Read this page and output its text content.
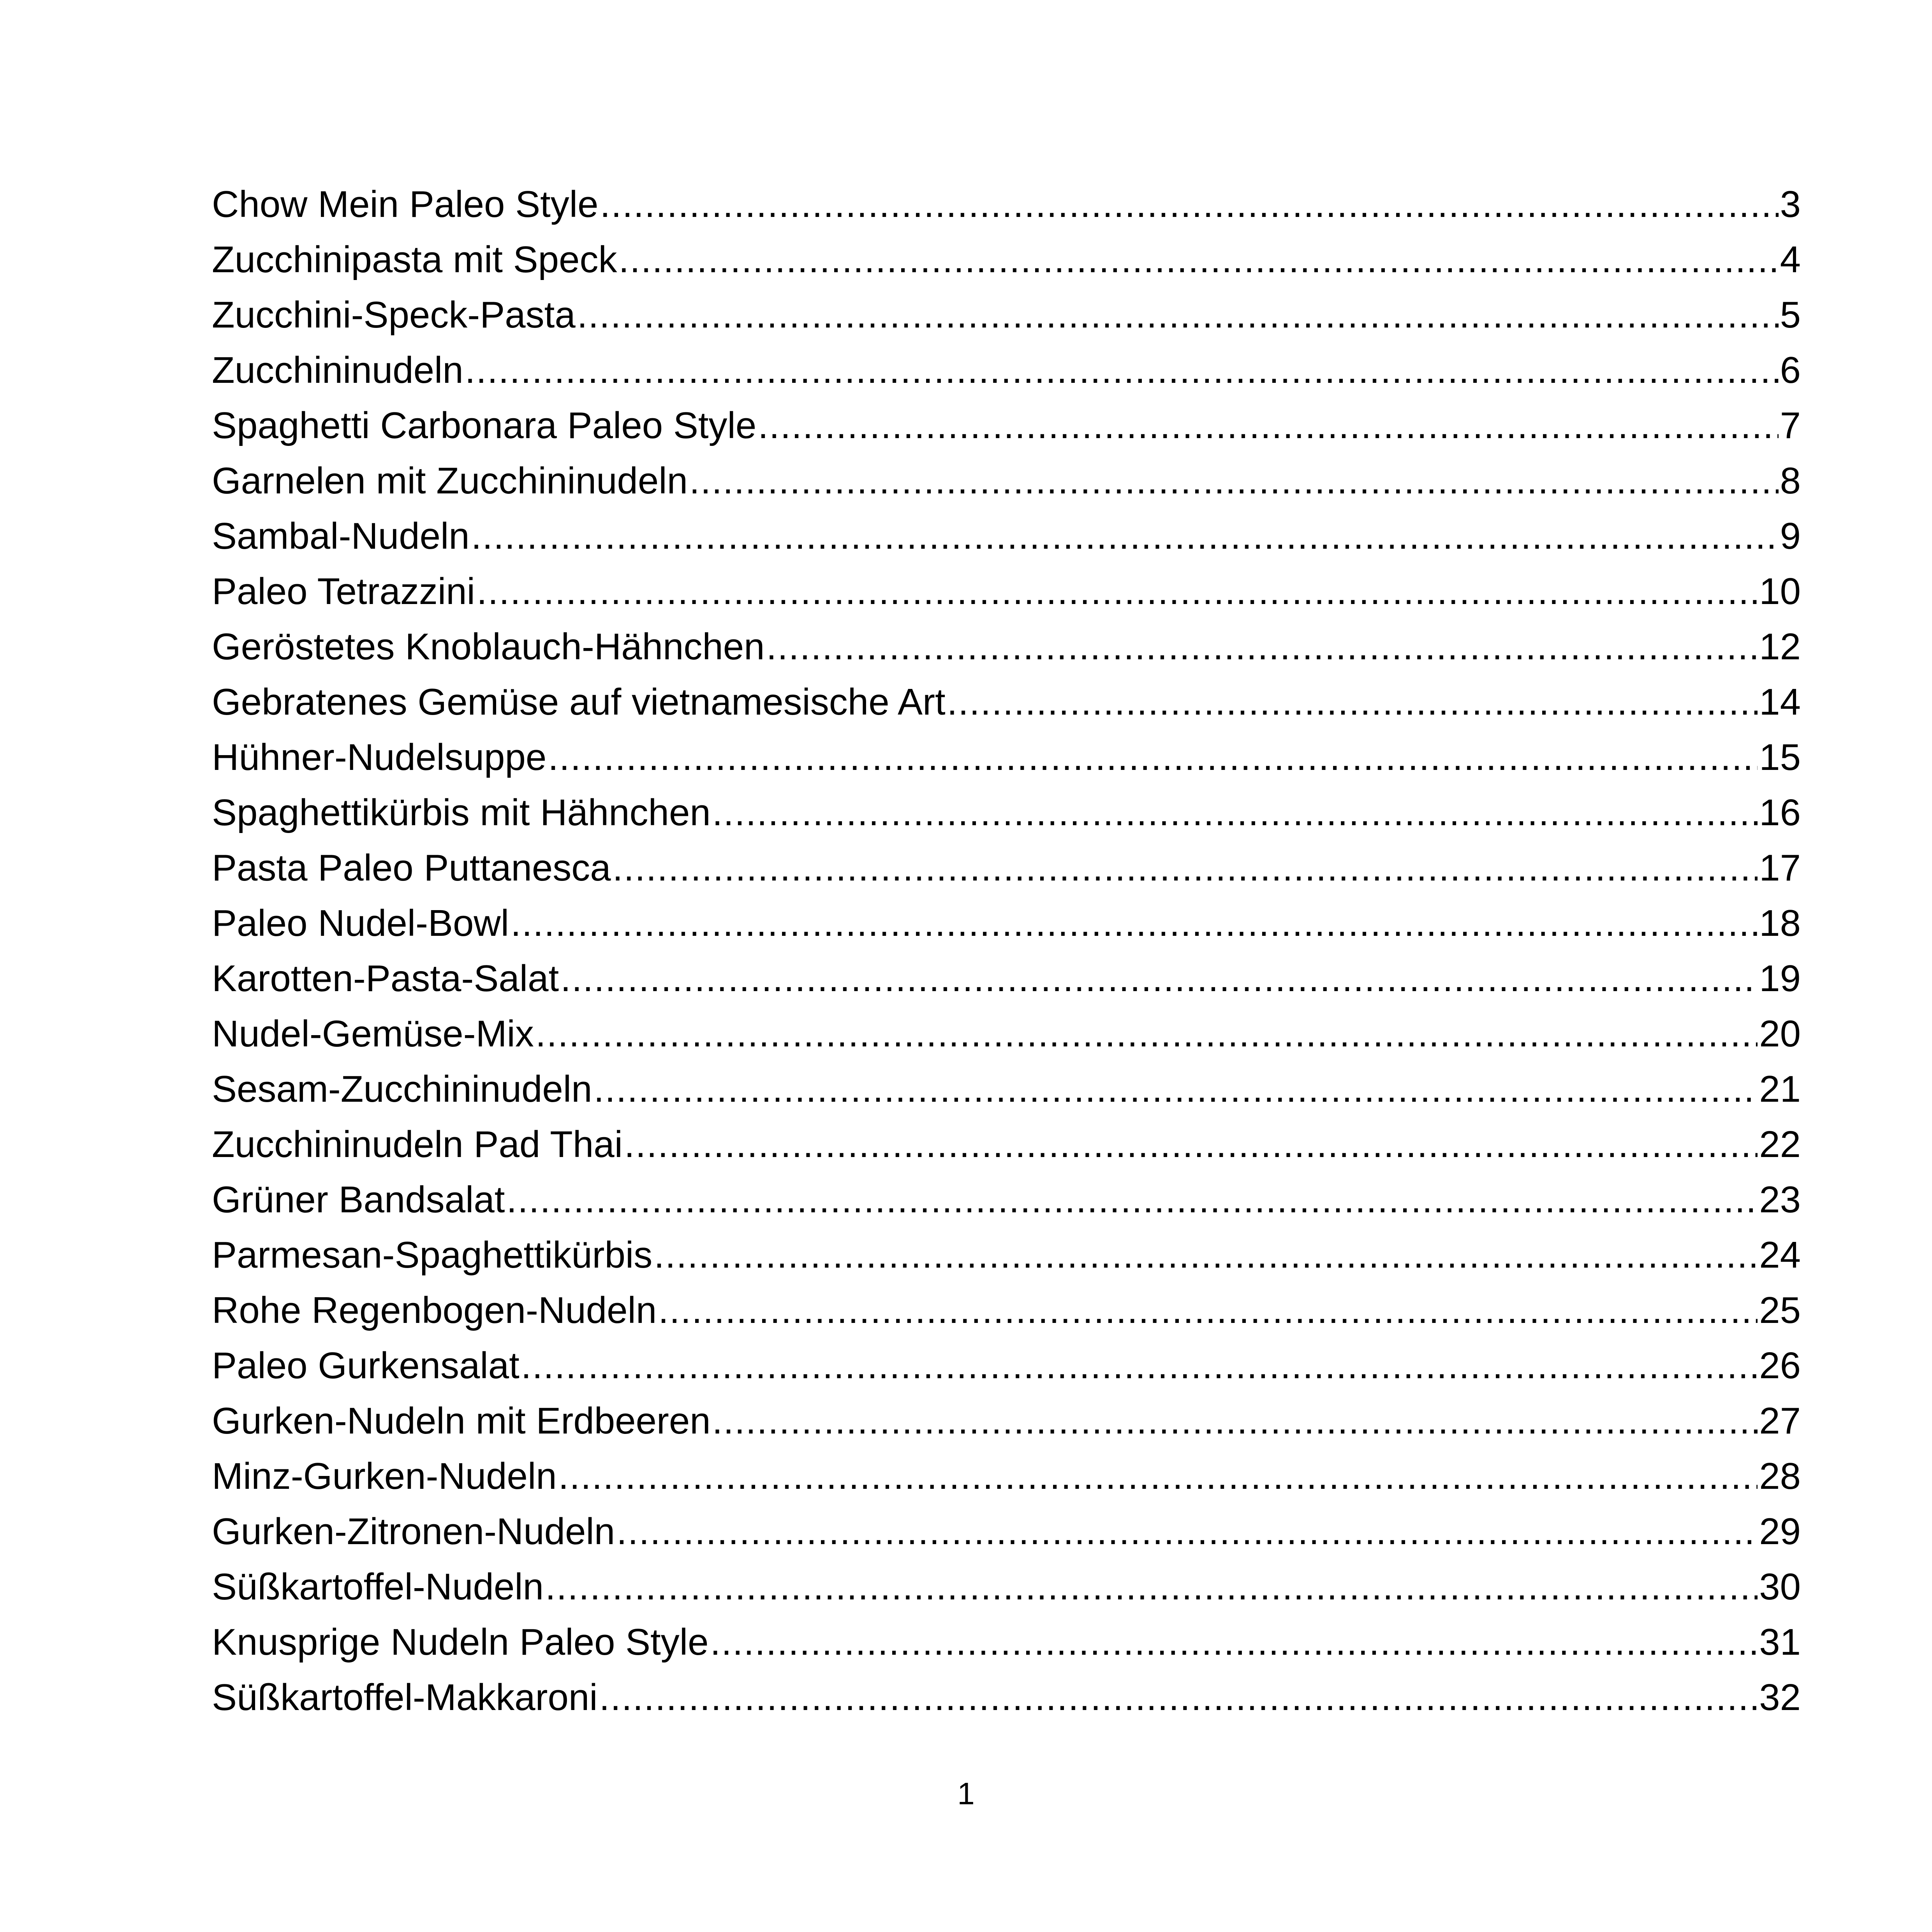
Chow Mein Paleo Style .....	3
Zucchinipasta mit Speck .....	4
Zucchini-Speck-Pasta .....	5
Zucchininudeln .....	6
Spaghetti Carbonara Paleo Style .....	7
Garnelen mit Zucchininudeln .....	8
Sambal-Nudeln .....	9
Paleo Tetrazzini .....	10
Geröstetes Knoblauch-Hähnchen .....	12
Gebratenes Gemüse auf vietnamesische Art .....	14
Hühner-Nudelsuppe .....	15
Spaghettikürbis mit Hähnchen .....	16
Pasta Paleo Puttanesca .....	17
Paleo Nudel-Bowl .....	18
Karotten-Pasta-Salat .....	19
Nudel-Gemüse-Mix .....	20
Sesam-Zucchininudeln .....	21
Zucchininudeln Pad Thai .....	22
Grüner Bandsalat .....	23
Parmesan-Spaghettikürbis .....	24
Rohe Regenbogen-Nudeln .....	25
Paleo Gurkensalat .....	26
Gurken-Nudeln mit Erdbeeren .....	27
Minz-Gurken-Nudeln .....	28
Gurken-Zitronen-Nudeln .....	29
Süßkartoffel-Nudeln .....	30
Knusprige Nudeln Paleo Style .....	31
Süßkartoffel-Makkaroni .....	32
1
